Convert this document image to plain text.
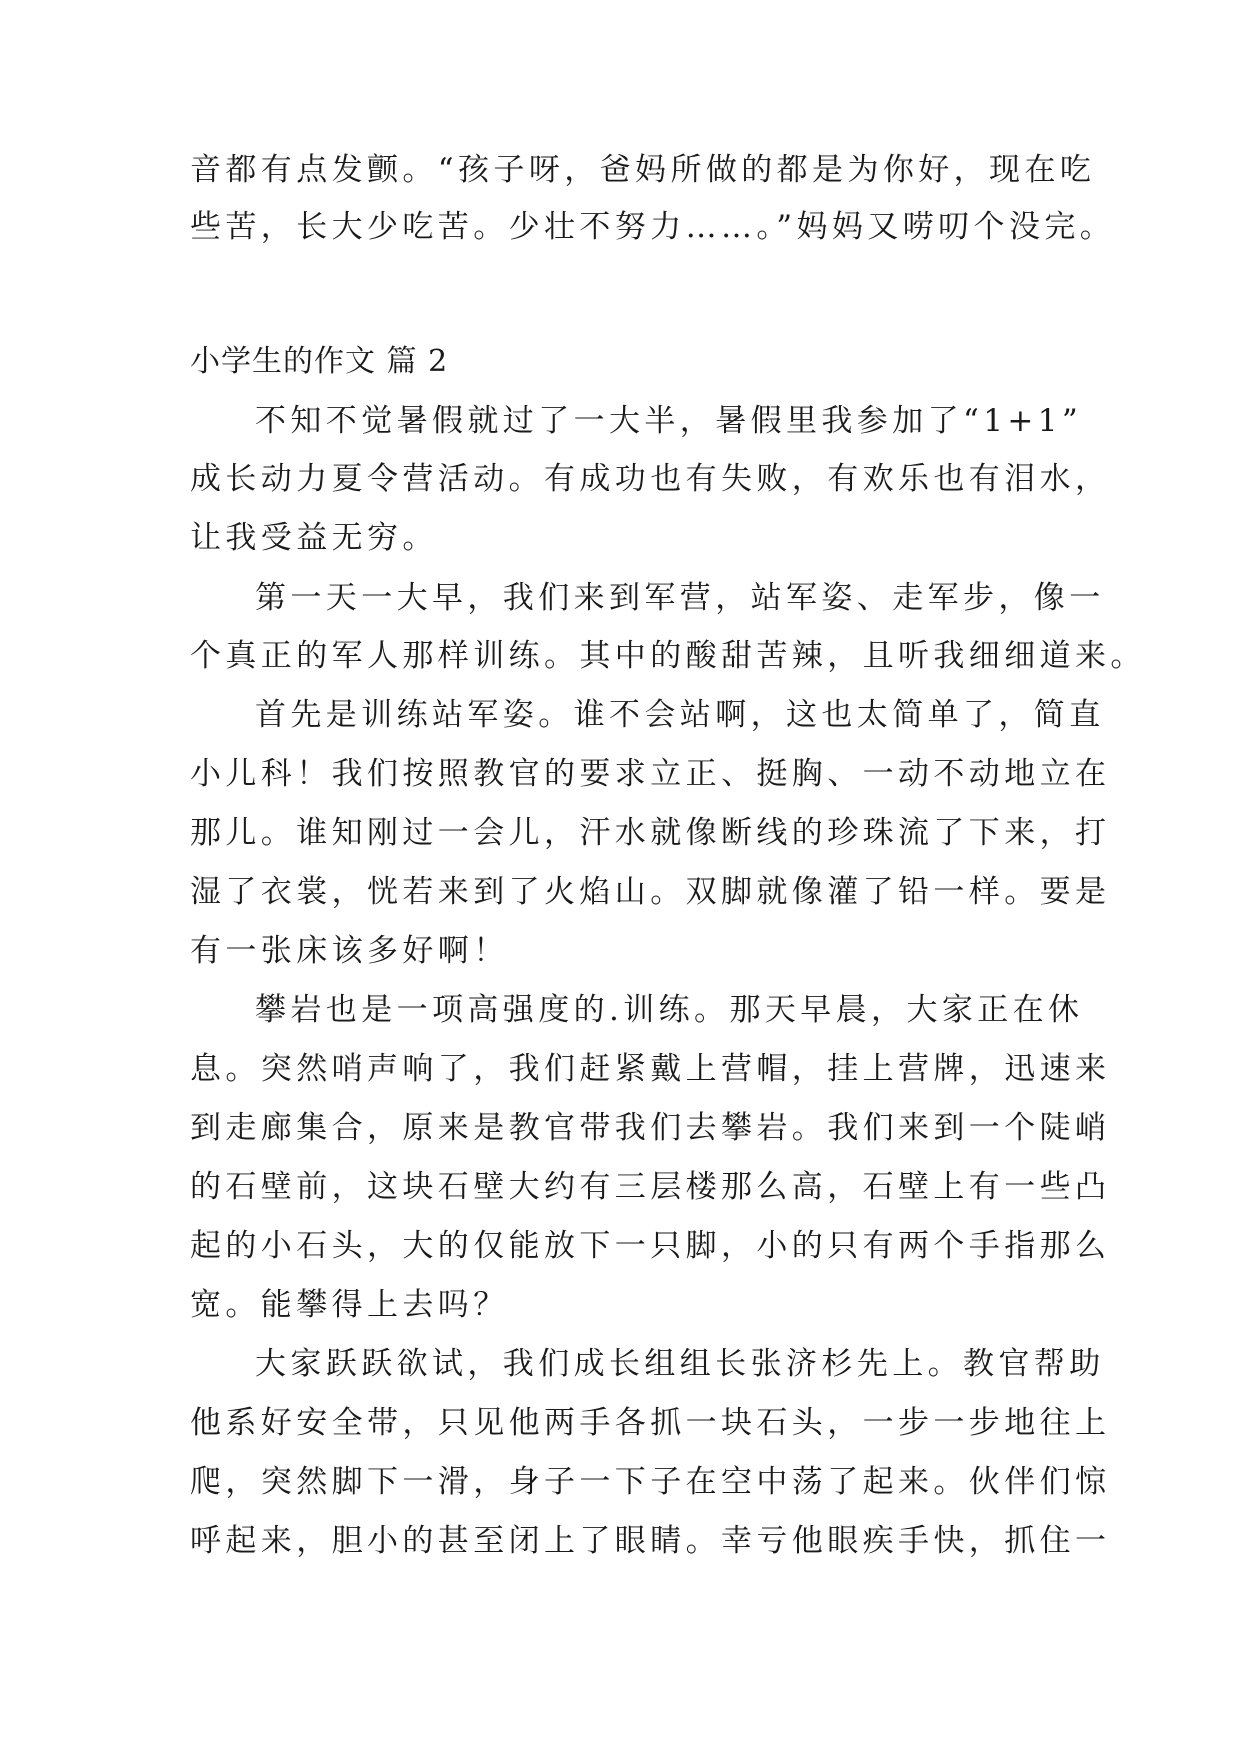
音都有点发颤。“孩子呀，爸妈所做的都是为你好，现在吃
些苦，长大少吃苦。少壮不努力……。”妈妈又唠叨个没完。
小学生的作文 篇 2
不知不觉暑假就过了一大半，暑假里我参加了“1+1”
成长动力夏令营活动。有成功也有失败，有欢乐也有泪水，
让我受益无穷。
第一天一大早，我们来到军营，站军姿、走军步，像一
个真正的军人那样训练。其中的酸甜苦辣，且听我细细道来。
首先是训练站军姿。谁不会站啊，这也太简单了，简直
小儿科！我们按照教官的要求立正、挺胸、一动不动地立在
那儿。谁知刚过一会儿，汗水就像断线的珍珠流了下来，打
湿了衣裳，恍若来到了火焰山。双脚就像灌了铅一样。要是
有一张床该多好啊！
攀岩也是一项高强度的.训练。那天早晨，大家正在休
息。突然哨声响了，我们赶紧戴上营帽，挂上营牌，迅速来
到走廊集合，原来是教官带我们去攀岩。我们来到一个陡峭
的石壁前，这块石壁大约有三层楼那么高，石壁上有一些凸
起的小石头，大的仅能放下一只脚，小的只有两个手指那么
宽。能攀得上去吗？
大家跃跃欲试，我们成长组组长张济杉先上。教官帮助
他系好安全带，只见他两手各抓一块石头，一步一步地往上
爬，突然脚下一滑，身子一下子在空中荡了起来。伙伴们惊
呼起来，胆小的甚至闭上了眼睛。幸亏他眼疾手快，抓住一
